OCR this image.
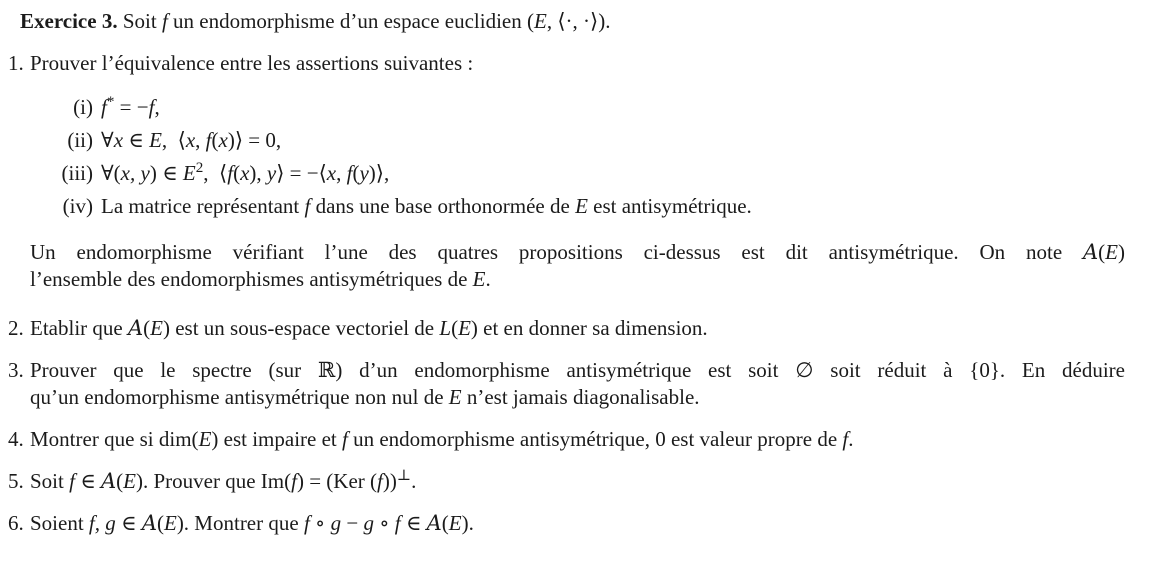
Exercice 3. Soit f un endomorphisme d’un espace euclidien (E, ⟨·, ·⟩).

1. Prouver l’équivalence entre les assertions suivantes :
(i) f* = −f,
(ii) ∀x ∈ E, ⟨x, f(x)⟩ = 0,
(iii) ∀(x, y) ∈ $E^2$, ⟨f(x), y⟩ = −⟨x, f(y)⟩,
(iv) La matrice représentant f dans une base orthonormée de E est antisymétrique.
Un endomorphisme vérifiant l’une des quatres propositions ci-dessus est dit antisymétrique. On note A(E)
l’ensemble des endomorphismes antisymétriques de E.
2. Etablir que A(E) est un sous-espace vectoriel de L(E) et en donner sa dimension.
3. Prouver que le spectre (sur ℝ) d’un endomorphisme antisymétrique est soit ∅ soit réduit à {0}. En déduire
qu’un endomorphisme antisymétrique non nul de E n’est jamais diagonalisable.
4. Montrer que si dim(E) est impaire et f un endomorphisme antisymétrique, 0 est valeur propre de f.
5. Soit f ∈ A(E). Prouver que Im(f) = (Ker (f))⊥.
6. Soient f, g ∈ A(E). Montrer que f ∘ g − g ∘ f ∈ A(E).
